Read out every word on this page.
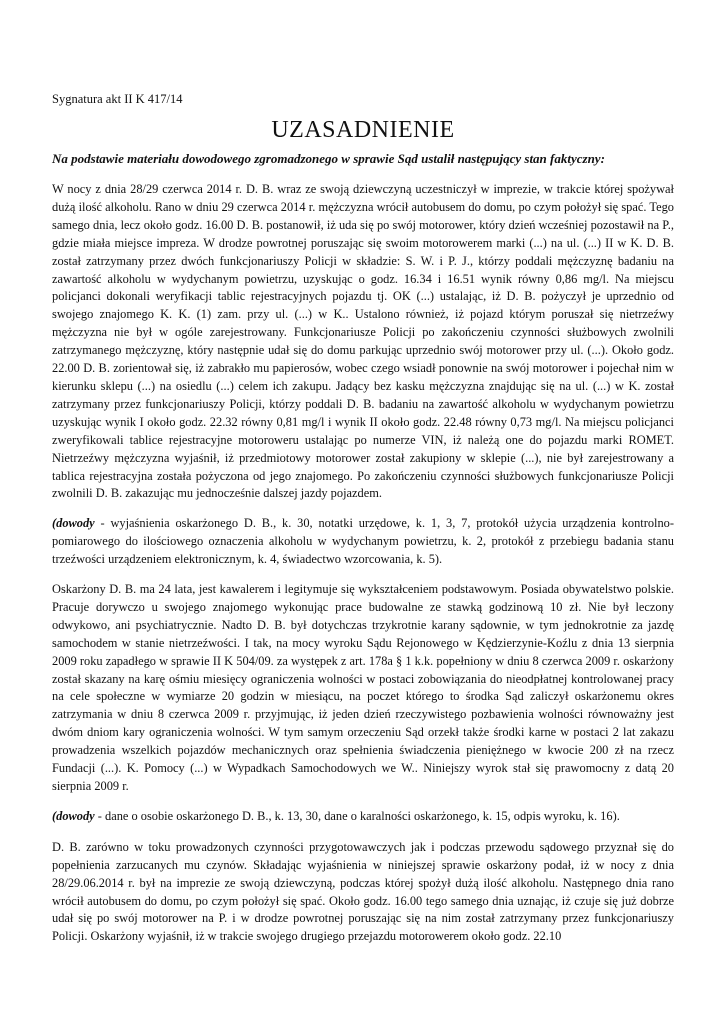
Sygnatura akt II K 417/14
UZASADNIENIE
Na podstawie materiału dowodowego zgromadzonego w sprawie Sąd ustalił następujący stan faktyczny:

W nocy z dnia 28/29 czerwca 2014 r. D. B. wraz ze swoją dziewczyną uczestniczył w imprezie, w trakcie której spożywał dużą ilość alkoholu. Rano w dniu 29 czerwca 2014 r. mężczyzna wrócił autobusem do domu, po czym położył się spać. Tego samego dnia, lecz około godz. 16.00 D. B. postanowił, iż uda się po swój motorower, który dzień wcześniej pozostawił na P., gdzie miała miejsce impreza. W drodze powrotnej poruszając się swoim motorowerem marki (...) na ul. (...) II w K. D. B. został zatrzymany przez dwóch funkcjonariuszy Policji w składzie: S. W. i P. J., którzy poddali mężczyznę badaniu na zawartość alkoholu w wydychanym powietrzu, uzyskując o godz. 16.34 i 16.51 wynik równy 0,86 mg/l. Na miejscu policjanci dokonali weryfikacji tablic rejestracyjnych pojazdu tj. OK (...) ustalając, iż D. B. pożyczył je uprzednio od swojego znajomego K. K. (1) zam. przy ul. (...) w K.. Ustalono również, iż pojazd którym poruszał się nietrzeźwy mężczyzna nie był w ogóle zarejestrowany. Funkcjonariusze Policji po zakończeniu czynności służbowych zwolnili zatrzymanego mężczyznę, który następnie udał się do domu parkując uprzednio swój motorower przy ul. (...). Około godz. 22.00 D. B. zorientował się, iż zabrakło mu papierosów, wobec czego wsiadł ponownie na swój motorower i pojechał nim w kierunku sklepu (...) na osiedlu (...) celem ich zakupu. Jadący bez kasku mężczyzna znajdując się na ul. (...) w K. został zatrzymany przez funkcjonariuszy Policji, którzy poddali D. B. badaniu na zawartość alkoholu w wydychanym powietrzu uzyskując wynik I około godz. 22.32 równy 0,81 mg/l i wynik II około godz. 22.48 równy 0,73 mg/l. Na miejscu policjanci zweryfikowali tablice rejestracyjne motoroweru ustalając po numerze VIN, iż należą one do pojazdu marki ROMET. Nietrzeźwy mężczyzna wyjaśnił, iż przedmiotowy motorower został zakupiony w sklepie (...), nie był zarejestrowany a tablica rejestracyjna została pożyczona od jego znajomego. Po zakończeniu czynności służbowych funkcjonariusze Policji zwolnili D. B. zakazując mu jednocześnie dalszej jazdy pojazdem.

(dowody - wyjaśnienia oskarżonego D. B., k. 30, notatki urzędowe, k. 1, 3, 7, protokół użycia urządzenia kontrolno-pomiarowego do ilościowego oznaczenia alkoholu w wydychanym powietrzu, k. 2, protokół z przebiegu badania stanu trzeźwości urządzeniem elektronicznym, k. 4, świadectwo wzorcowania, k. 5).

Oskarżony D. B. ma 24 lata, jest kawalerem i legitymuje się wykształceniem podstawowym. Posiada obywatelstwo polskie. Pracuje dorywczo u swojego znajomego wykonując prace budowalne ze stawką godzinową 10 zł. Nie był leczony odwykowo, ani psychiatrycznie. Nadto D. B. był dotychczas trzykrotnie karany sądownie, w tym jednokrotnie za jazdę samochodem w stanie nietrzeźwości. I tak, na mocy wyroku Sądu Rejonowego w Kędzierzynie-Koźlu z dnia 13 sierpnia 2009 roku zapadłego w sprawie II K 504/09. za występek z art. 178a § 1 k.k. popełniony w dniu 8 czerwca 2009 r. oskarżony został skazany na karę ośmiu miesięcy ograniczenia wolności w postaci zobowiązania do nieodpłatnej kontrolowanej pracy na cele społeczne w wymiarze 20 godzin w miesiącu, na poczet którego to środka Sąd zaliczył oskarżonemu okres zatrzymania w dniu 8 czerwca 2009 r. przyjmując, iż jeden dzień rzeczywistego pozbawienia wolności równoważny jest dwóm dniom kary ograniczenia wolności. W tym samym orzeczeniu Sąd orzekł także środki karne w postaci 2 lat zakazu prowadzenia wszelkich pojazdów mechanicznych oraz spełnienia świadczenia pieniężnego w kwocie 200 zł na rzecz Fundacji (...). K. Pomocy (...) w Wypadkach Samochodowych we W.. Niniejszy wyrok stał się prawomocny z datą 20 sierpnia 2009 r.

(dowody - dane o osobie oskarżonego D. B., k. 13, 30, dane o karalności oskarżonego, k. 15, odpis wyroku, k. 16).

D. B. zarówno w toku prowadzonych czynności przygotowawczych jak i podczas przewodu sądowego przyznał się do popełnienia zarzucanych mu czynów. Składając wyjaśnienia w niniejszej sprawie oskarżony podał, iż w nocy z dnia 28/29.06.2014 r. był na imprezie ze swoją dziewczyną, podczas której spożył dużą ilość alkoholu. Następnego dnia rano wrócił autobusem do domu, po czym położył się spać. Około godz. 16.00 tego samego dnia uznając, iż czuje się już dobrze udał się po swój motorower na P. i w drodze powrotnej poruszając się na nim został zatrzymany przez funkcjonariuszy Policji. Oskarżony wyjaśnił, iż w trakcie swojego drugiego przejazdu motorowerem około godz. 22.10
